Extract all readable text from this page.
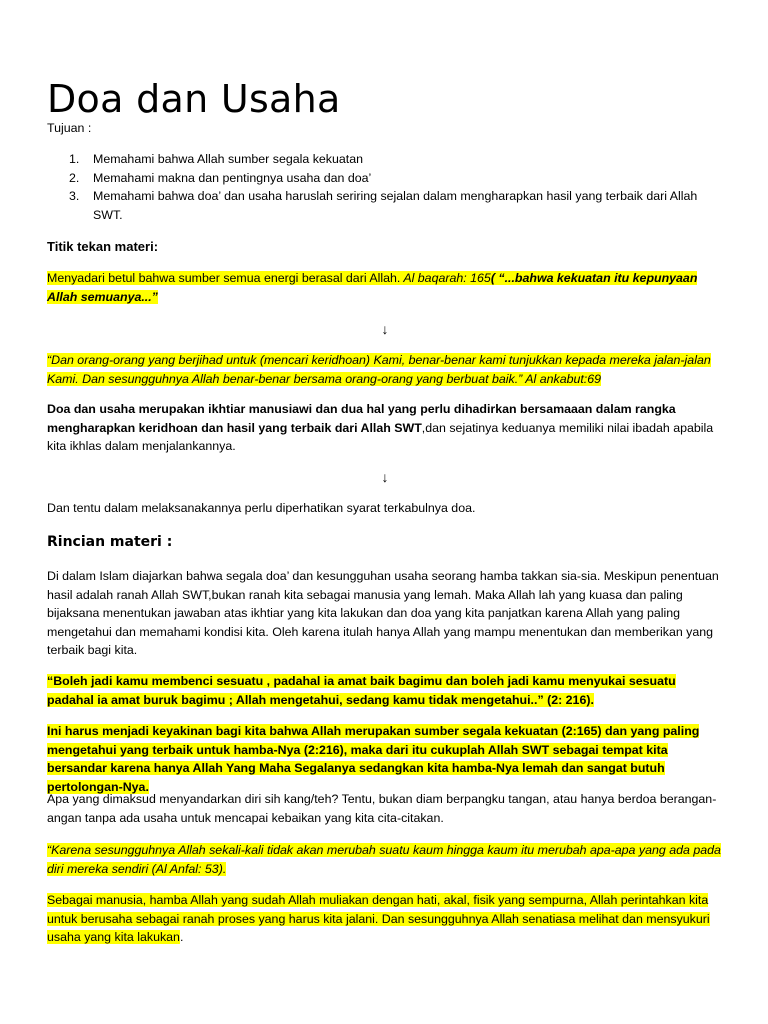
Doa dan Usaha
Tujuan :
1. Memahami bahwa Allah sumber segala kekuatan
2. Memahami makna dan pentingnya usaha dan doa’
3. Memahami bahwa doa’ dan usaha haruslah seriring sejalan dalam mengharapkan hasil yang terbaik dari Allah SWT.
Titik tekan materi:
Menyadari betul bahwa sumber semua energi berasal dari Allah. Al baqarah: 165( “...bahwa kekuatan itu kepunyaan Allah semuanya...”
↓
“Dan orang-orang yang berjihad untuk (mencari keridhoan) Kami, benar-benar kami tunjukkan kepada mereka jalan-jalan Kami. Dan sesungguhnya Allah benar-benar bersama orang-orang yang berbuat baik.” Al ankabut:69
Doa dan usaha merupakan ikhtiar manusiawi dan dua hal yang perlu dihadirkan bersamaaan dalam rangka mengharapkan keridhoan dan hasil yang terbaik dari Allah SWT,dan sejatinya keduanya memiliki nilai ibadah apabila kita ikhlas dalam menjalankannya.
↓
Dan tentu dalam melaksanakannya perlu diperhatikan syarat terkabulnya doa.
Rincian materi :
Di dalam Islam diajarkan bahwa segala doa’ dan kesungguhan usaha seorang hamba takkan sia-sia. Meskipun penentuan hasil adalah ranah Allah SWT,bukan ranah kita sebagai manusia yang lemah. Maka Allah lah yang kuasa dan paling bijaksana menentukan jawaban atas ikhtiar yang kita lakukan dan doa yang kita panjatkan karena Allah yang paling mengetahui dan memahami kondisi kita. Oleh karena itulah hanya Allah yang mampu menentukan dan memberikan yang terbaik bagi kita.
“Boleh jadi kamu membenci sesuatu , padahal ia amat baik bagimu dan boleh jadi kamu menyukai sesuatu padahal ia amat buruk bagimu ; Allah mengetahui, sedang kamu tidak mengetahui..” (2: 216).
Ini harus menjadi keyakinan bagi kita bahwa Allah merupakan sumber segala kekuatan (2:165) dan yang paling mengetahui yang terbaik untuk hamba-Nya (2:216), maka dari itu cukuplah Allah SWT sebagai tempat kita bersandar karena hanya Allah Yang Maha Segalanya sedangkan kita hamba-Nya lemah dan sangat butuh pertolongan-Nya.
Apa yang dimaksud menyandarkan diri sih kang/teh? Tentu, bukan diam berpangku tangan, atau hanya berdoa berangan-angan tanpa ada usaha untuk mencapai kebaikan yang kita cita-citakan.
“Karena sesungguhnya Allah sekali-kali tidak akan merubah suatu kaum hingga kaum itu merubah apa-apa yang ada pada diri mereka sendiri (Al Anfal: 53).
Sebagai manusia, hamba Allah yang sudah Allah muliakan dengan hati, akal, fisik yang sempurna, Allah perintahkan kita untuk berusaha sebagai ranah proses yang harus kita jalani. Dan sesungguhnya Allah senatiasa melihat dan mensyukuri usaha yang kita lakukan.
